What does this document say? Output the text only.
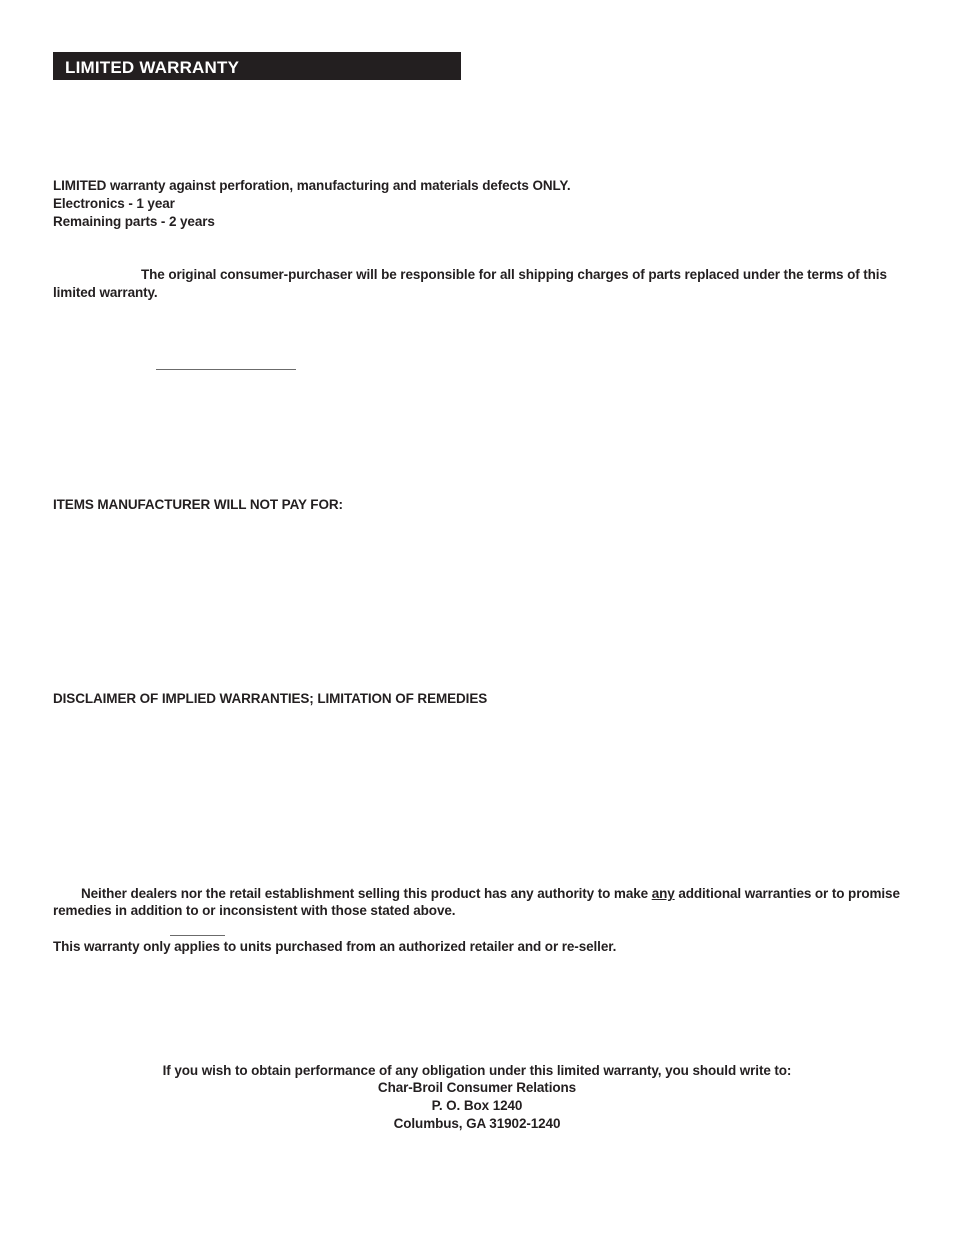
LIMITED WARRANTY
LIMITED warranty against perforation, manufacturing and materials defects ONLY.
Electronics - 1 year
Remaining parts - 2 years
The original consumer-purchaser will be responsible for all shipping charges of parts replaced under the terms of this
limited warranty.
ITEMS MANUFACTURER WILL NOT PAY FOR:
DISCLAIMER OF IMPLIED WARRANTIES; LIMITATION OF REMEDIES
Neither dealers nor the retail establishment selling this product has any authority to make any additional warranties or to promise
remedies in addition to or inconsistent with those stated above.
This warranty only applies to units purchased from an authorized retailer and or re-seller.
If you wish to obtain performance of any obligation under this limited warranty, you should write to:
Char-Broil Consumer Relations
P. O. Box 1240
Columbus, GA 31902-1240
